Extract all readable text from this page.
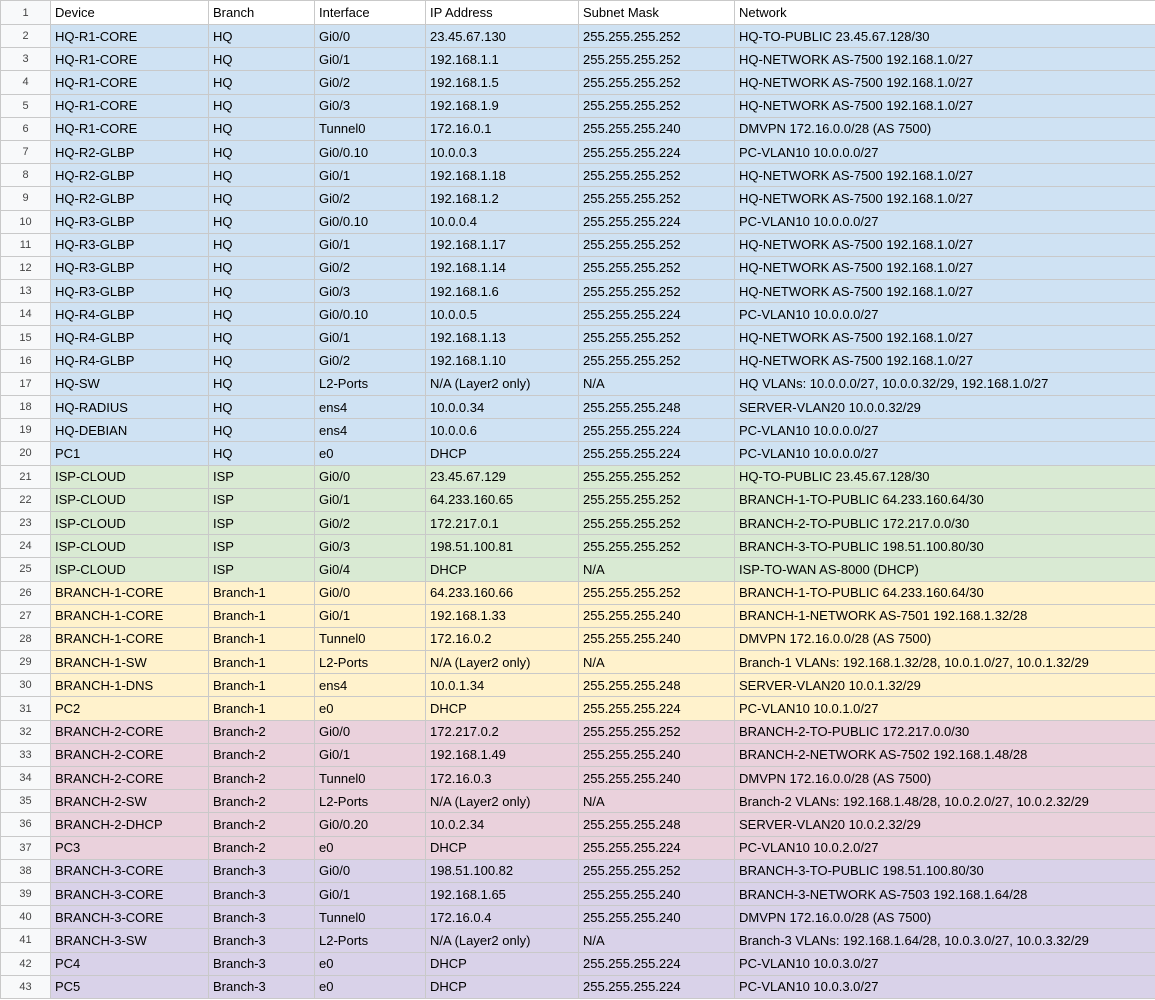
1	Device	Branch	Interface	IP Address	Subnet Mask	Network
2	HQ-R1-CORE	HQ	Gi0/0	23.45.67.130	255.255.255.252	HQ-TO-PUBLIC 23.45.67.128/30
3	HQ-R1-CORE	HQ	Gi0/1	192.168.1.1	255.255.255.252	HQ-NETWORK AS-7500 192.168.1.0/27
4	HQ-R1-CORE	HQ	Gi0/2	192.168.1.5	255.255.255.252	HQ-NETWORK AS-7500 192.168.1.0/27
5	HQ-R1-CORE	HQ	Gi0/3	192.168.1.9	255.255.255.252	HQ-NETWORK AS-7500 192.168.1.0/27
6	HQ-R1-CORE	HQ	Tunnel0	172.16.0.1	255.255.255.240	DMVPN 172.16.0.0/28 (AS 7500)
7	HQ-R2-GLBP	HQ	Gi0/0.10	10.0.0.3	255.255.255.224	PC-VLAN10 10.0.0.0/27
8	HQ-R2-GLBP	HQ	Gi0/1	192.168.1.18	255.255.255.252	HQ-NETWORK AS-7500 192.168.1.0/27
9	HQ-R2-GLBP	HQ	Gi0/2	192.168.1.2	255.255.255.252	HQ-NETWORK AS-7500 192.168.1.0/27
10	HQ-R3-GLBP	HQ	Gi0/0.10	10.0.0.4	255.255.255.224	PC-VLAN10 10.0.0.0/27
11	HQ-R3-GLBP	HQ	Gi0/1	192.168.1.17	255.255.255.252	HQ-NETWORK AS-7500 192.168.1.0/27
12	HQ-R3-GLBP	HQ	Gi0/2	192.168.1.14	255.255.255.252	HQ-NETWORK AS-7500 192.168.1.0/27
13	HQ-R3-GLBP	HQ	Gi0/3	192.168.1.6	255.255.255.252	HQ-NETWORK AS-7500 192.168.1.0/27
14	HQ-R4-GLBP	HQ	Gi0/0.10	10.0.0.5	255.255.255.224	PC-VLAN10 10.0.0.0/27
15	HQ-R4-GLBP	HQ	Gi0/1	192.168.1.13	255.255.255.252	HQ-NETWORK AS-7500 192.168.1.0/27
16	HQ-R4-GLBP	HQ	Gi0/2	192.168.1.10	255.255.255.252	HQ-NETWORK AS-7500 192.168.1.0/27
17	HQ-SW	HQ	L2-Ports	N/A (Layer2 only)	N/A	HQ VLANs: 10.0.0.0/27, 10.0.0.32/29, 192.168.1.0/27
18	HQ-RADIUS	HQ	ens4	10.0.0.34	255.255.255.248	SERVER-VLAN20 10.0.0.32/29
19	HQ-DEBIAN	HQ	ens4	10.0.0.6	255.255.255.224	PC-VLAN10 10.0.0.0/27
20	PC1	HQ	e0	DHCP	255.255.255.224	PC-VLAN10 10.0.0.0/27
21	ISP-CLOUD	ISP	Gi0/0	23.45.67.129	255.255.255.252	HQ-TO-PUBLIC 23.45.67.128/30
22	ISP-CLOUD	ISP	Gi0/1	64.233.160.65	255.255.255.252	BRANCH-1-TO-PUBLIC 64.233.160.64/30
23	ISP-CLOUD	ISP	Gi0/2	172.217.0.1	255.255.255.252	BRANCH-2-TO-PUBLIC 172.217.0.0/30
24	ISP-CLOUD	ISP	Gi0/3	198.51.100.81	255.255.255.252	BRANCH-3-TO-PUBLIC 198.51.100.80/30
25	ISP-CLOUD	ISP	Gi0/4	DHCP	N/A	ISP-TO-WAN AS-8000 (DHCP)
26	BRANCH-1-CORE	Branch-1	Gi0/0	64.233.160.66	255.255.255.252	BRANCH-1-TO-PUBLIC 64.233.160.64/30
27	BRANCH-1-CORE	Branch-1	Gi0/1	192.168.1.33	255.255.255.240	BRANCH-1-NETWORK AS-7501 192.168.1.32/28
28	BRANCH-1-CORE	Branch-1	Tunnel0	172.16.0.2	255.255.255.240	DMVPN 172.16.0.0/28 (AS 7500)
29	BRANCH-1-SW	Branch-1	L2-Ports	N/A (Layer2 only)	N/A	Branch-1 VLANs: 192.168.1.32/28, 10.0.1.0/27, 10.0.1.32/29
30	BRANCH-1-DNS	Branch-1	ens4	10.0.1.34	255.255.255.248	SERVER-VLAN20 10.0.1.32/29
31	PC2	Branch-1	e0	DHCP	255.255.255.224	PC-VLAN10 10.0.1.0/27
32	BRANCH-2-CORE	Branch-2	Gi0/0	172.217.0.2	255.255.255.252	BRANCH-2-TO-PUBLIC 172.217.0.0/30
33	BRANCH-2-CORE	Branch-2	Gi0/1	192.168.1.49	255.255.255.240	BRANCH-2-NETWORK AS-7502 192.168.1.48/28
34	BRANCH-2-CORE	Branch-2	Tunnel0	172.16.0.3	255.255.255.240	DMVPN 172.16.0.0/28 (AS 7500)
35	BRANCH-2-SW	Branch-2	L2-Ports	N/A (Layer2 only)	N/A	Branch-2 VLANs: 192.168.1.48/28, 10.0.2.0/27, 10.0.2.32/29
36	BRANCH-2-DHCP	Branch-2	Gi0/0.20	10.0.2.34	255.255.255.248	SERVER-VLAN20 10.0.2.32/29
37	PC3	Branch-2	e0	DHCP	255.255.255.224	PC-VLAN10 10.0.2.0/27
38	BRANCH-3-CORE	Branch-3	Gi0/0	198.51.100.82	255.255.255.252	BRANCH-3-TO-PUBLIC 198.51.100.80/30
39	BRANCH-3-CORE	Branch-3	Gi0/1	192.168.1.65	255.255.255.240	BRANCH-3-NETWORK AS-7503 192.168.1.64/28
40	BRANCH-3-CORE	Branch-3	Tunnel0	172.16.0.4	255.255.255.240	DMVPN 172.16.0.0/28 (AS 7500)
41	BRANCH-3-SW	Branch-3	L2-Ports	N/A (Layer2 only)	N/A	Branch-3 VLANs: 192.168.1.64/28, 10.0.3.0/27, 10.0.3.32/29
42	PC4	Branch-3	e0	DHCP	255.255.255.224	PC-VLAN10 10.0.3.0/27
43	PC5	Branch-3	e0	DHCP	255.255.255.224	PC-VLAN10 10.0.3.0/27
